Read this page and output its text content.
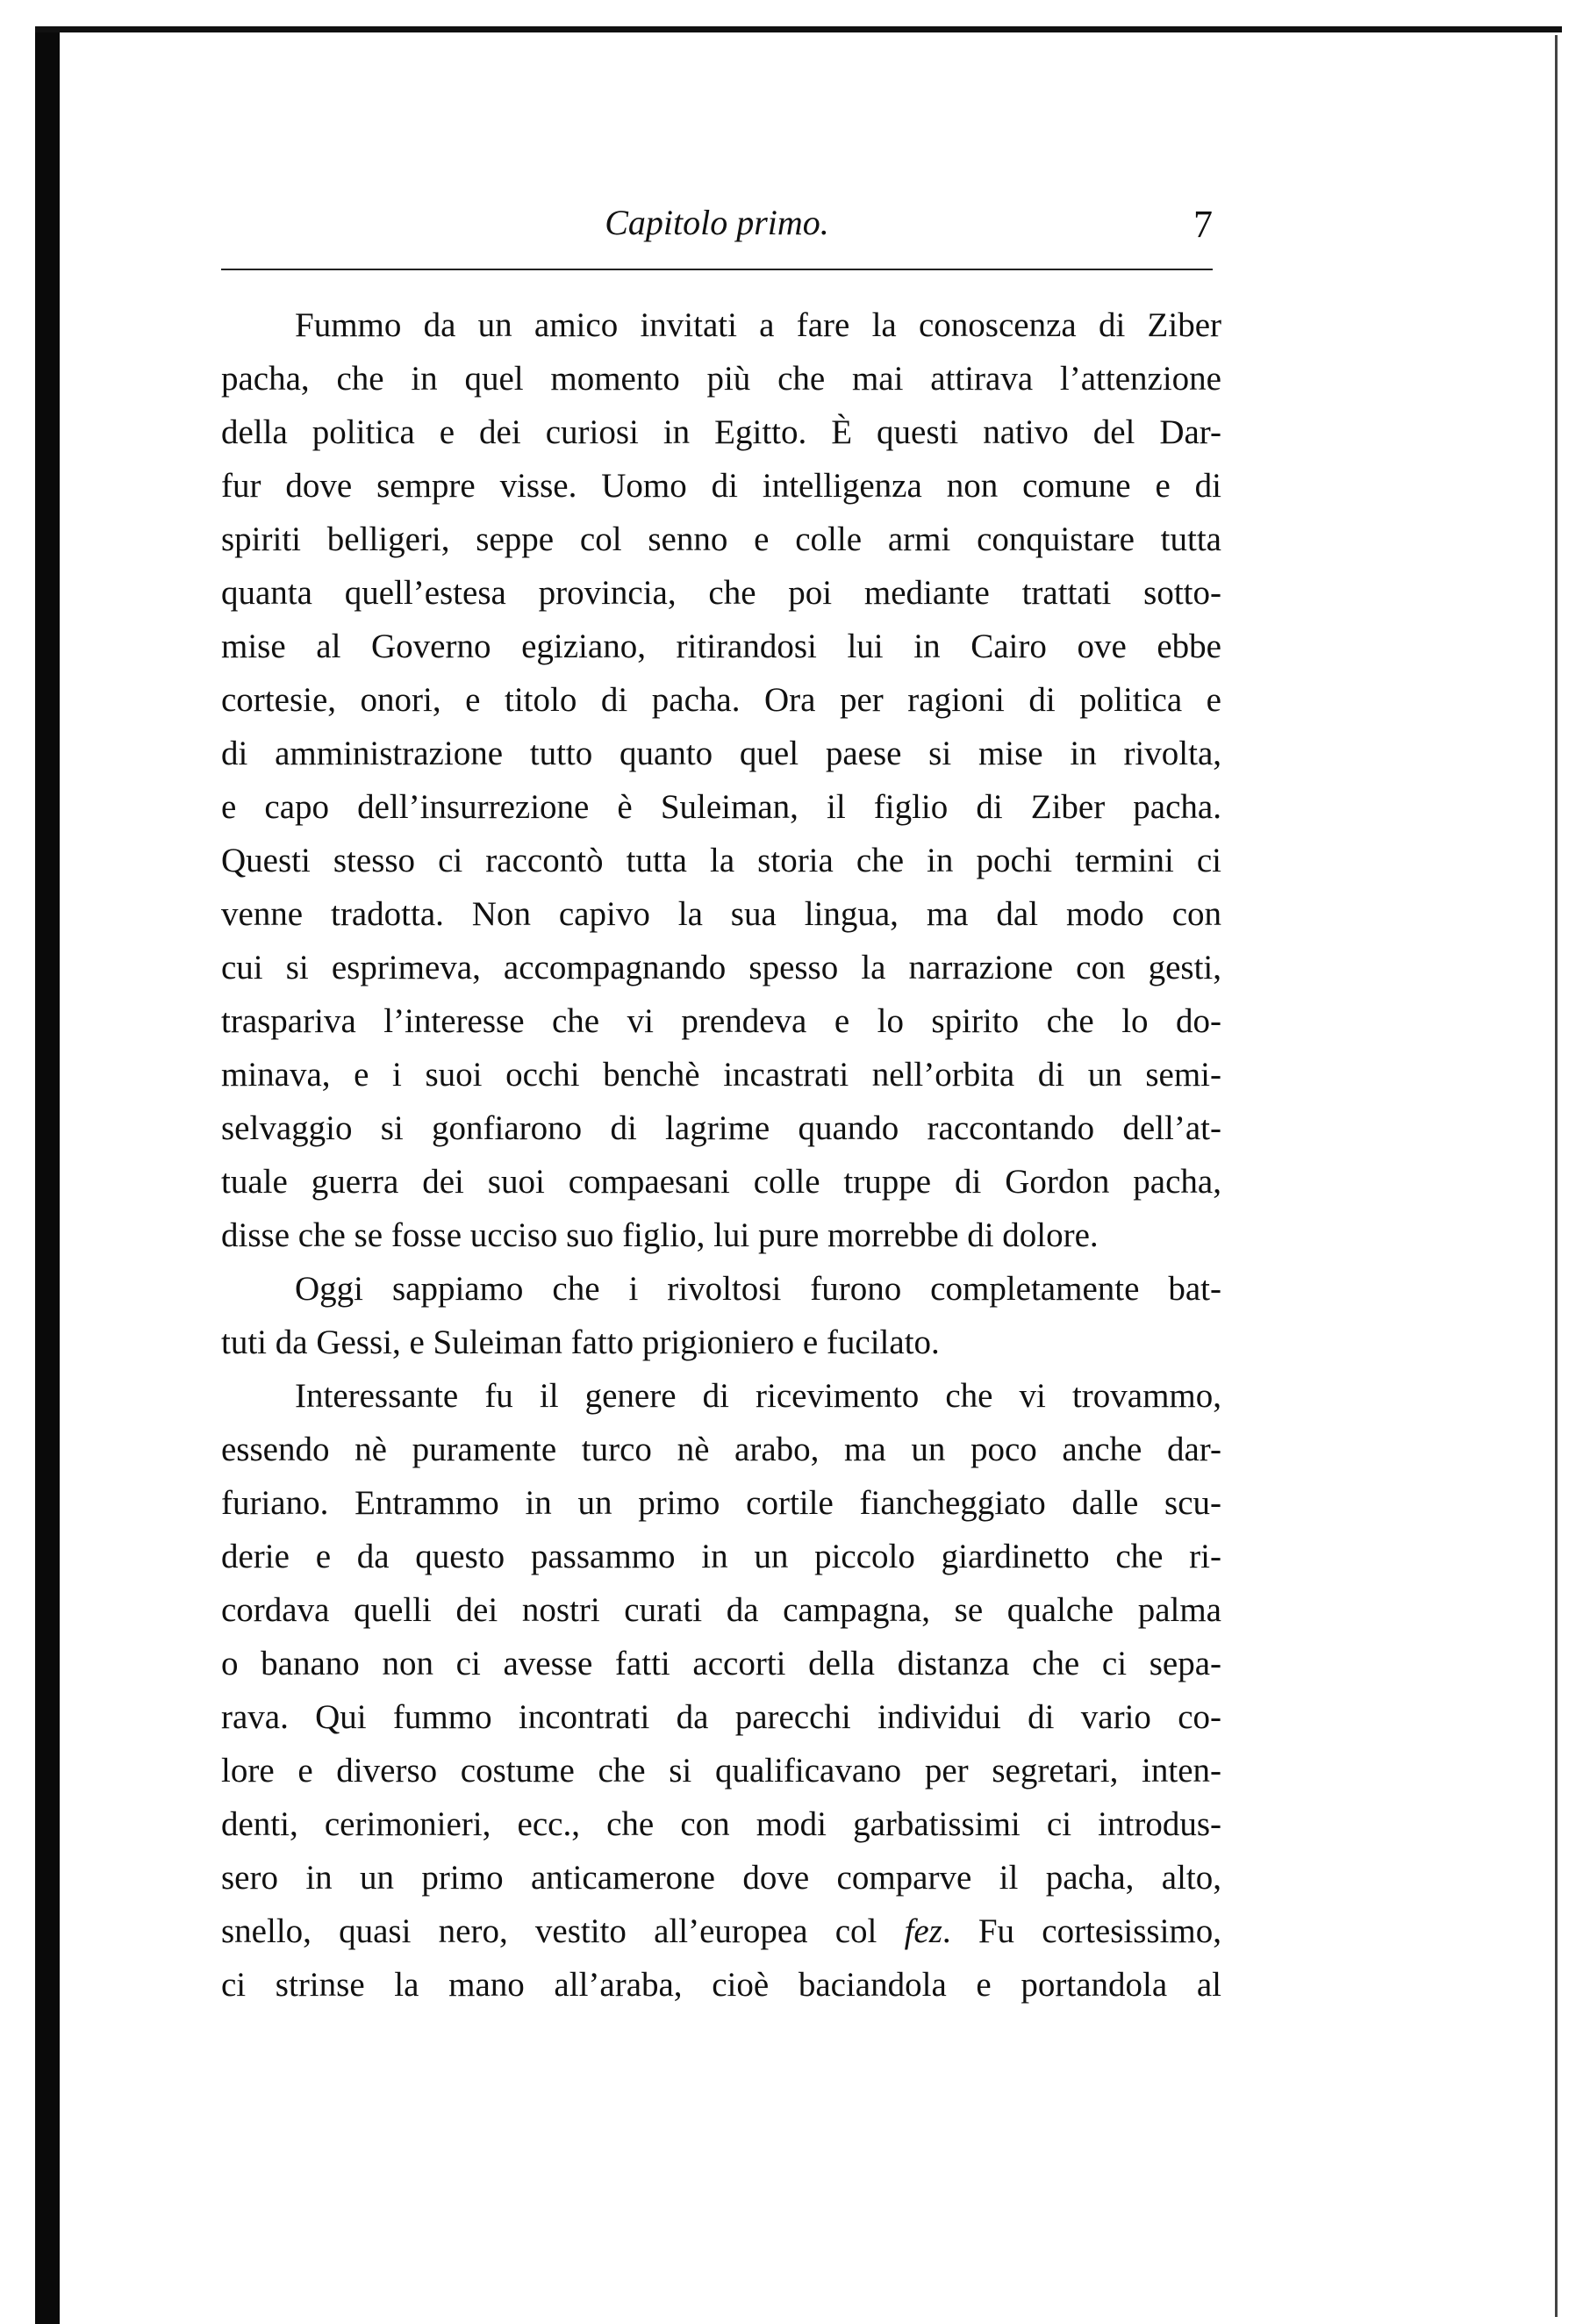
Capitolo primo.	7
Fummo da un amico invitati a fare la conoscenza di Ziber
pacha, che in quel momento più che mai attirava l’attenzione
della politica e dei curiosi in Egitto. È questi nativo del Dar-
fur dove sempre visse. Uomo di intelligenza non comune e di
spiriti belligeri, seppe col senno e colle armi conquistare tutta
quanta quell’estesa provincia, che poi mediante trattati sotto-
mise al Governo egiziano, ritirandosi lui in Cairo ove ebbe
cortesie, onori, e titolo di pacha. Ora per ragioni di politica e
di amministrazione tutto quanto quel paese si mise in rivolta,
e capo dell’insurrezione è Suleiman, il figlio di Ziber pacha.
Questi stesso ci raccontò tutta la storia che in pochi termini ci
venne tradotta. Non capivo la sua lingua, ma dal modo con
cui si esprimeva, accompagnando spesso la narrazione con gesti,
traspariva l’interesse che vi prendeva e lo spirito che lo do-
minava, e i suoi occhi benchè incastrati nell’orbita di un semi-
selvaggio si gonfiarono di lagrime quando raccontando dell’at-
tuale guerra dei suoi compaesani colle truppe di Gordon pacha,
disse che se fosse ucciso suo figlio, lui pure morrebbe di dolore.
Oggi sappiamo che i rivoltosi furono completamente bat-
tuti da Gessi, e Suleiman fatto prigioniero e fucilato.
Interessante fu il genere di ricevimento che vi trovammo,
essendo nè puramente turco nè arabo, ma un poco anche dar-
furiano. Entrammo in un primo cortile fiancheggiato dalle scu-
derie e da questo passammo in un piccolo giardinetto che ri-
cordava quelli dei nostri curati da campagna, se qualche palma
o banano non ci avesse fatti accorti della distanza che ci sepa-
rava. Qui fummo incontrati da parecchi individui di vario co-
lore e diverso costume che si qualificavano per segretari, inten-
denti, cerimonieri, ecc., che con modi garbatissimi ci introdus-
sero in un primo anticamerone dove comparve il pacha, alto,
snello, quasi nero, vestito all’europea col fez. Fu cortesissimo,
ci strinse la mano all’araba, cioè baciandola e portandola al
